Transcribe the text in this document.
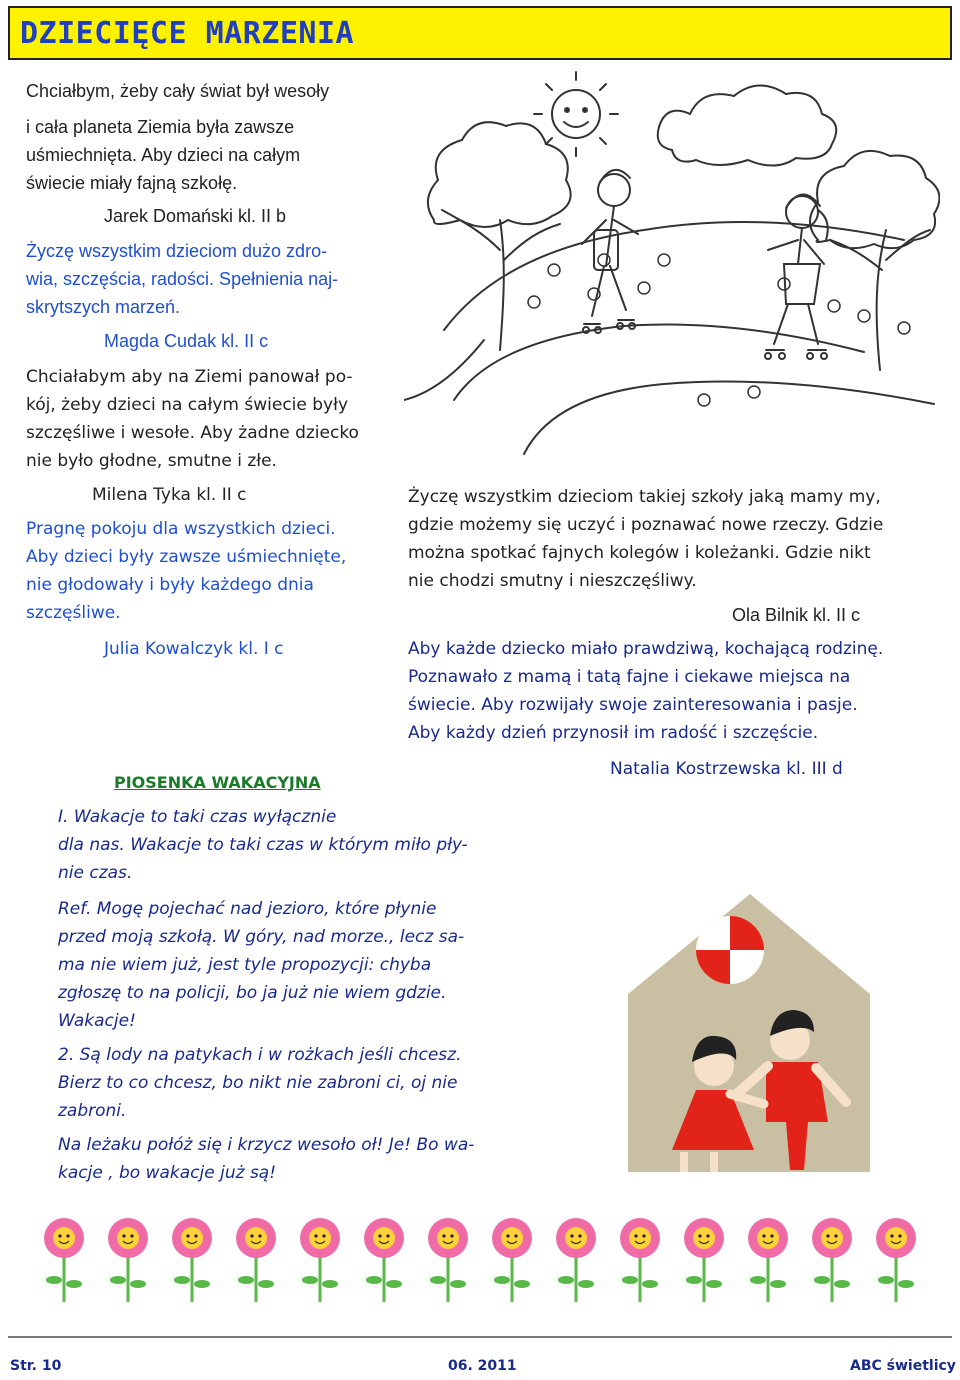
DZIECIĘCE MARZENIA
Chciałbym, żeby cały świat był wesoły
i cała planeta Ziemia była zawsze
uśmiechnięta. Aby dzieci na całym
świecie miały fajną szkołę.
Jarek Domański kl. II b
Życzę wszystkim dzieciom dużo zdro-
wia, szczęścia, radości. Spełnienia naj-
skrytszych marzeń.
Magda Cudak kl. II c
Chciałabym aby na Ziemi panował po-
kój, żeby dzieci na całym świecie były
szczęśliwe i wesołe. Aby żadne dziecko
nie było głodne, smutne i złe.
Milena Tyka kl. II c
Pragnę pokoju dla wszystkich dzieci.
Aby dzieci były zawsze uśmiechnięte,
nie głodowały i były każdego dnia
szczęśliwe.
Julia Kowalczyk kl. I c
Życzę wszystkim dzieciom takiej szkoły jaką mamy my,
gdzie możemy się uczyć i poznawać nowe rzeczy. Gdzie
można spotkać fajnych kolegów i koleżanki. Gdzie nikt
nie chodzi smutny i nieszczęśliwy.
Ola Bilnik kl. II c
Aby każde dziecko miało prawdziwą, kochającą rodzinę.
Poznawało z mamą i tatą fajne i ciekawe miejsca na
świecie. Aby rozwijały swoje zainteresowania i pasje.
Aby każdy dzień przynosił im radość i szczęście.
Natalia Kostrzewska kl. III d
PIOSENKA WAKACYJNA
I. Wakacje to taki czas wyłącznie
dla nas. Wakacje to taki czas w którym miło pły-
nie czas.
Ref. Mogę pojechać nad jezioro, które płynie
przed moją szkołą. W góry, nad morze., lecz sa-
ma nie wiem już, jest tyle propozycji: chyba
zgłoszę to na policji, bo ja już nie wiem gdzie.
Wakacje!
2. Są lody na patykach i w rożkach jeśli chcesz.
Bierz to co chcesz, bo nikt nie zabroni ci, oj nie
zabroni.
Na leżaku połóż się i krzycz wesoło oł! Je! Bo wa-
kacje , bo wakacje już są!
Str. 10	06. 2011	ABC świetlicy
